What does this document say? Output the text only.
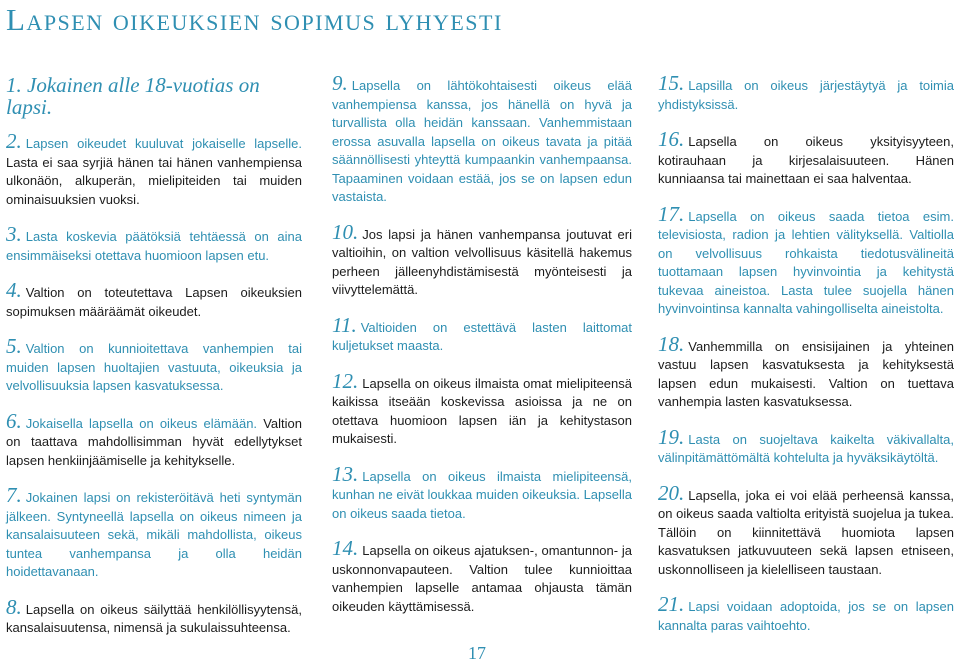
Lapsen oikeuksien sopimus lyhyesti
1. Jokainen alle 18-vuotias on lapsi.

2. Lapsen oikeudet kuuluvat jokaiselle lapselle. Lasta ei saa syrjiä hänen tai hänen vanhempiensa ulkonäön, alkuperän, mielipiteiden tai muiden ominaisuuksien vuoksi.

3. Lasta koskevia päätöksiä tehtäessä on aina ensimmäiseksi otettava huomioon lapsen etu.

4. Valtion on toteutettava Lapsen oikeuksien sopimuksen määräämät oikeudet.

5. Valtion on kunnioitettava vanhempien tai muiden lapsen huoltajien vastuuta, oikeuksia ja velvollisuuksia lapsen kasvatuksessa.

6. Jokaisella lapsella on oikeus elämään. Valtion on taattava mahdollisimman hyvät edellytykset lapsen henkiinjäämiselle ja kehitykselle.

7. Jokainen lapsi on rekisteröitävä heti syntymän jälkeen. Syntyneellä lapsella on oikeus nimeen ja kansalaisuuteen sekä, mikäli mahdollista, oikeus tuntea vanhempansa ja olla heidän hoidettavanaan.

8. Lapsella on oikeus säilyttää henkilöllisyytensä, kansalaisuutensa, nimensä ja sukulaissuhteensa.

9. Lapsella on lähtökohtaisesti oikeus elää vanhempiensa kanssa, jos hänellä on hyvä ja turvallista olla heidän kanssaan. Vanhemmistaan erossa asuvalla lapsella on oikeus tavata ja pitää säännöllisesti yhteyttä kumpaankin vanhempaansa. Tapaaminen voidaan estää, jos se on lapsen edun vastaista.

10. Jos lapsi ja hänen vanhempansa joutuvat eri valtioihin, on valtion velvollisuus käsitellä hakemus perheen jälleenyhdistämisestä myönteisesti ja viivyttelemättä.

11. Valtioiden on estettävä lasten laittomat kuljetukset maasta.

12. Lapsella on oikeus ilmaista omat mielipiteensä kaikissa itseään koskevissa asioissa ja ne on otettava huomioon lapsen iän ja kehitystason mukaisesti.

13. Lapsella on oikeus ilmaista mielipiteensä, kunhan ne eivät loukkaa muiden oikeuksia. Lapsella on oikeus saada tietoa.

14. Lapsella on oikeus ajatuksen-, omantunnon- ja uskonnonvapauteen. Valtion tulee kunnioittaa vanhempien lapselle antamaa ohjausta tämän oikeuden käyttämisessä.

15. Lapsilla on oikeus järjestäytyä ja toimia yhdistyksissä.

16. Lapsella on oikeus yksityisyyteen, kotirauhaan ja kirjesalaisuuteen. Hänen kunniaansa tai mainettaan ei saa halventaa.

17. Lapsella on oikeus saada tietoa esim. televisiosta, radion ja lehtien välityksellä. Valtiolla on velvollisuus rohkaista tiedotusvälineitä tuottamaan lapsen hyvinvointia ja kehitystä tukevaa aineistoa. Lasta tulee suojella hänen hyvinvointinsa kannalta vahingolliselta aineistolta.

18. Vanhemmilla on ensisijainen ja yhteinen vastuu lapsen kasvatuksesta ja kehityksestä lapsen edun mukaisesti. Valtion on tuettava vanhempia lasten kasvatuksessa.

19. Lasta on suojeltava kaikelta väkivallalta, välinpitämättömältä kohtelulta ja hyväksikäytöltä.

20. Lapsella, joka ei voi elää perheensä kanssa, on oikeus saada valtiolta erityistä suojelua ja tukea. Tällöin on kiinnitettävä huomiota lapsen kasvatuksen jatkuvuuteen sekä lapsen etniseen, uskonnolliseen ja kielelliseen taustaan.

21. Lapsi voidaan adoptoida, jos se on lapsen kannalta paras vaihtoehto.

17
